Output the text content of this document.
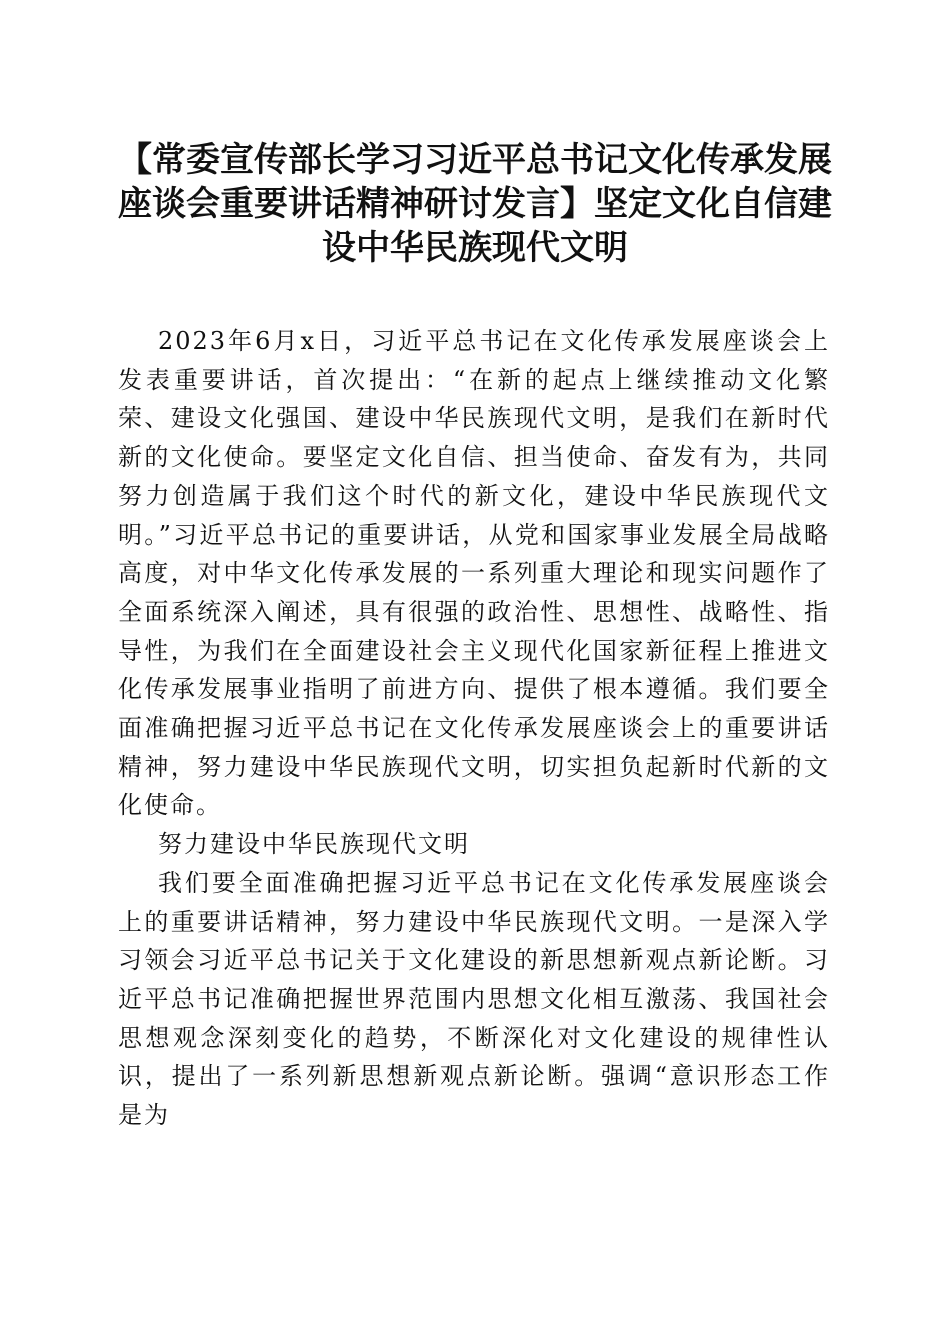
【常委宣传部长学习习近平总书记文化传承发展座谈会重要讲话精神研讨发言】坚定文化自信建设中华民族现代文明

2023年6月x日，习近平总书记在文化传承发展座谈会上发表重要讲话，首次提出：“在新的起点上继续推动文化繁荣、建设文化强国、建设中华民族现代文明，是我们在新时代新的文化使命。要坚定文化自信、担当使命、奋发有为，共同努力创造属于我们这个时代的新文化，建设中华民族现代文明。”习近平总书记的重要讲话，从党和国家事业发展全局战略高度，对中华文化传承发展的一系列重大理论和现实问题作了全面系统深入阐述，具有很强的政治性、思想性、战略性、指导性，为我们在全面建设社会主义现代化国家新征程上推进文化传承发展事业指明了前进方向、提供了根本遵循。我们要全面准确把握习近平总书记在文化传承发展座谈会上的重要讲话精神，努力建设中华民族现代文明，切实担负起新时代新的文化使命。

努力建设中华民族现代文明

我们要全面准确把握习近平总书记在文化传承发展座谈会上的重要讲话精神，努力建设中华民族现代文明。一是深入学习领会习近平总书记关于文化建设的新思想新观点新论断。习近平总书记准确把握世界范围内思想文化相互激荡、我国社会思想观念深刻变化的趋势，不断深化对文化建设的规律性认识，提出了一系列新思想新观点新论断。强调“意识形态工作是为
